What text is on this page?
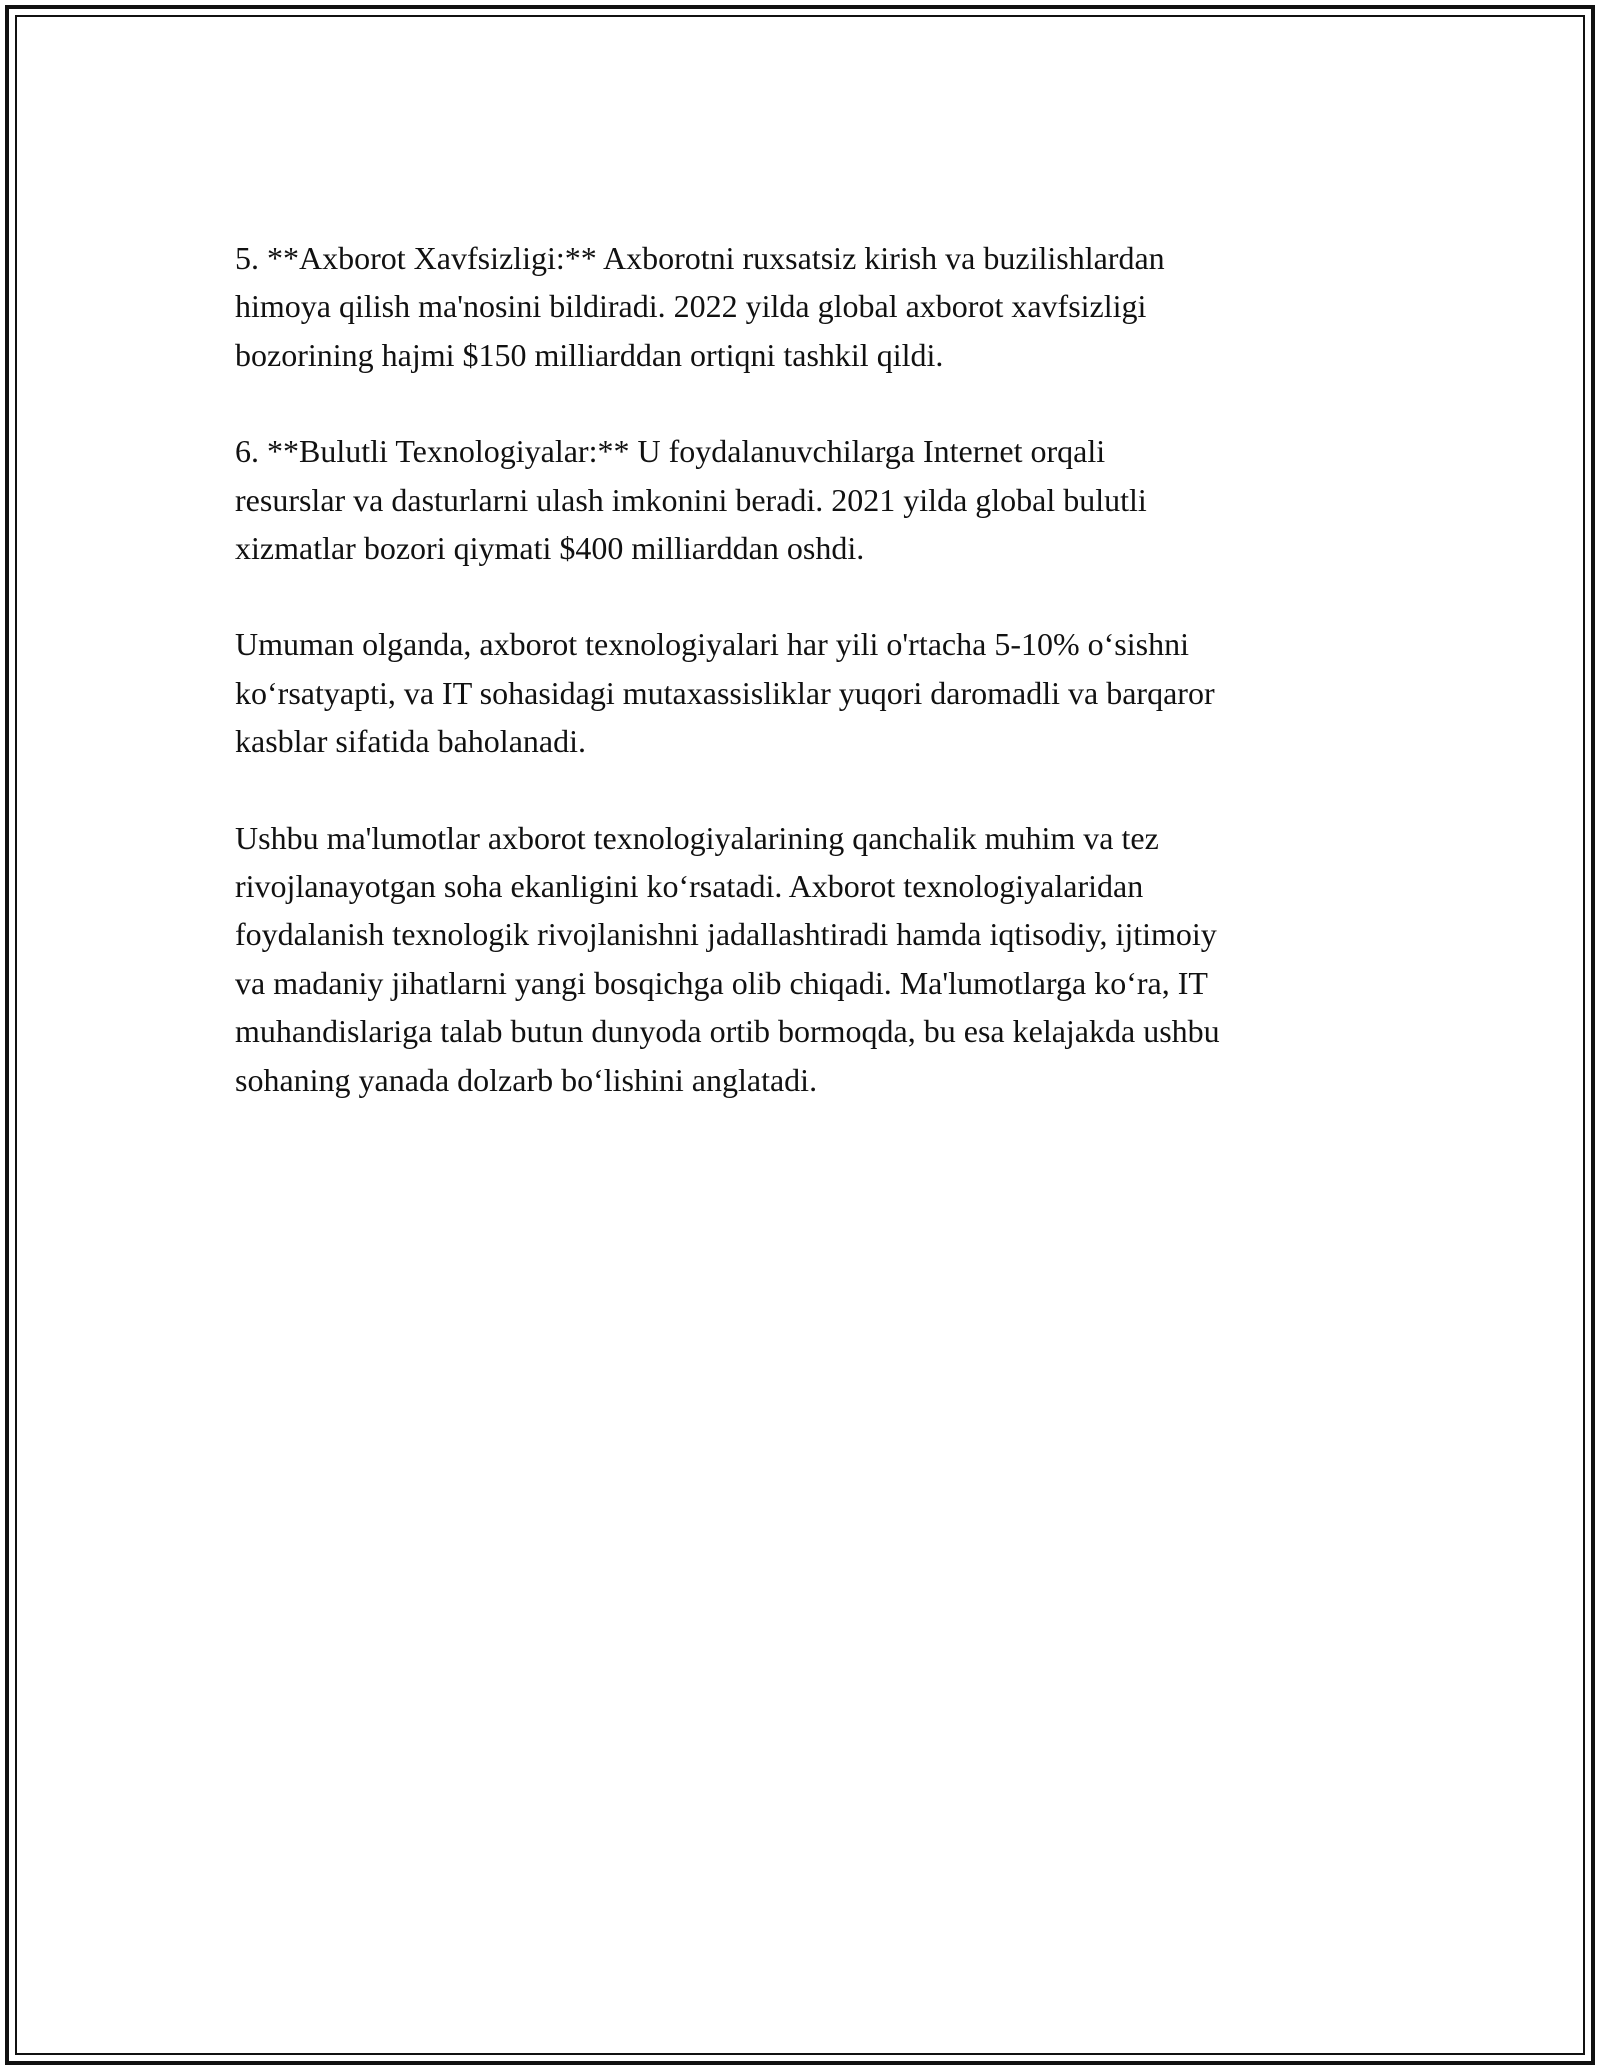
5. **Axborot Xavfsizligi:** Axborotni ruxsatsiz kirish va buzilishlardan
himoya qilish ma'nosini bildiradi. 2022 yilda global axborot xavfsizligi
bozorining hajmi $150 milliarddan ortiqni tashkil qildi.

6. **Bulutli Texnologiyalar:** U foydalanuvchilarga Internet orqali
resurslar va dasturlarni ulash imkonini beradi. 2021 yilda global bulutli
xizmatlar bozori qiymati $400 milliarddan oshdi.

Umuman olganda, axborot texnologiyalari har yili o'rtacha 5-10% o‘sishni
ko‘rsatyapti, va IT sohasidagi mutaxassisliklar yuqori daromadli va barqaror
kasblar sifatida baholanadi.

Ushbu ma'lumotlar axborot texnologiyalarining qanchalik muhim va tez
rivojlanayotgan soha ekanligini ko‘rsatadi. Axborot texnologiyalaridan
foydalanish texnologik rivojlanishni jadallashtiradi hamda iqtisodiy, ijtimoiy
va madaniy jihatlarni yangi bosqichga olib chiqadi. Ma'lumotlarga ko‘ra, IT
muhandislariga talab butun dunyoda ortib bormoqda, bu esa kelajakda ushbu
sohaning yanada dolzarb bo‘lishini anglatadi.
